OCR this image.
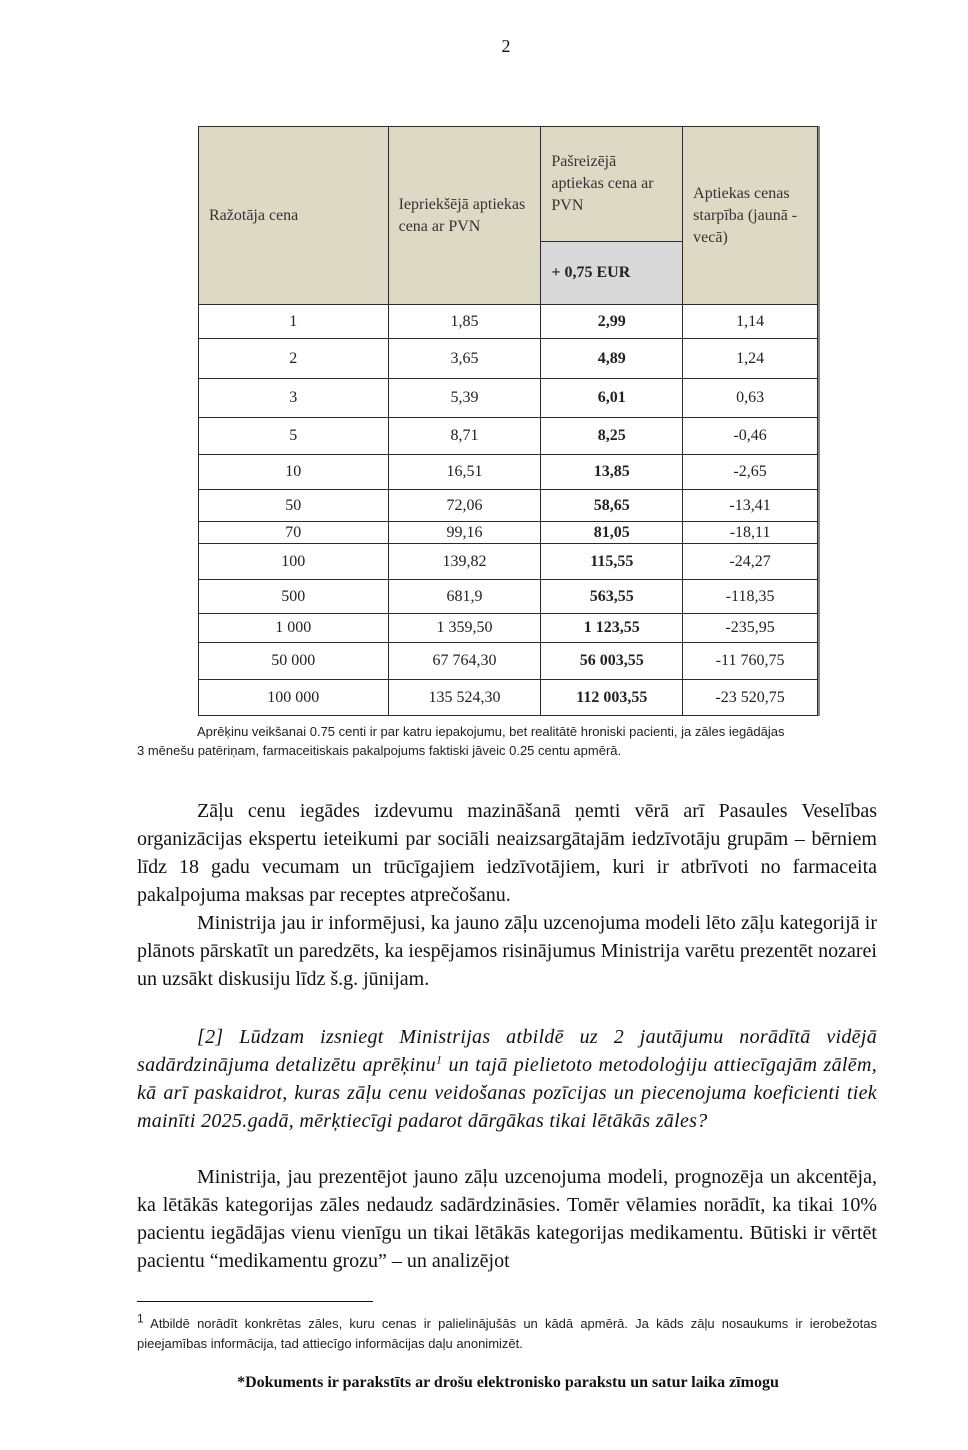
2
Ražotāja cena	Iepriekšējā aptiekas cena ar PVN	Pašreizējā aptiekas cena ar PVN	Aptiekas cenas starpība (jaunā - vecā)
		+ 0,75 EUR	
1	1,85	2,99	1,14
2	3,65	4,89	1,24
3	5,39	6,01	0,63
5	8,71	8,25	-0,46
10	16,51	13,85	-2,65
50	72,06	58,65	-13,41
70	99,16	81,05	-18,11
100	139,82	115,55	-24,27
500	681,9	563,55	-118,35
1 000	1 359,50	1 123,55	-235,95
50 000	67 764,30	56 003,55	-11 760,75
100 000	135 524,30	112 003,55	-23 520,75
Aprēķinu veikšanai 0.75 centi ir par katru iepakojumu, bet realitātē hroniski pacienti, ja zāles iegādājas
3 mēnešu patēriņam, farmaceitiskais pakalpojums faktiski jāveic 0.25 centu apmērā.

Zāļu cenu iegādes izdevumu mazināšanā ņemti vērā arī Pasaules Veselības organizācijas ekspertu ieteikumi par sociāli neaizsargātajām iedzīvotāju grupām – bērniem līdz 18 gadu vecumam un trūcīgajiem iedzīvotājiem, kuri ir atbrīvoti no farmaceita pakalpojuma maksas par receptes atprečošanu.

Ministrija jau ir informējusi, ka jauno zāļu uzcenojuma modeli lēto zāļu kategorijā ir plānots pārskatīt un paredzēts, ka iespējamos risinājumus Ministrija varētu prezentēt nozarei un uzsākt diskusiju līdz š.g. jūnijam.

[2] Lūdzam izsniegt Ministrijas atbildē uz 2 jautājumu norādītā vidējā sadārdzinājuma detalizētu aprēķinu$^1$ un tajā pielietoto metodoloģiju attiecīgajām zālēm, kā arī paskaidrot, kuras zāļu cenu veidošanas pozīcijas un piecenojuma koeficienti tiek mainīti 2025.gadā, mērķtiecīgi padarot dārgākas tikai lētākās zāles?

Ministrija, jau prezentējot jauno zāļu uzcenojuma modeli, prognozēja un akcentēja, ka lētākās kategorijas zāles nedaudz sadārdzināsies. Tomēr vēlamies norādīt, ka tikai 10% pacientu iegādājas vienu vienīgu un tikai lētākās kategorijas medikamentu. Būtiski ir vērtēt pacientu “medikamentu grozu” – un analizējot

$^1$ Atbildē norādīt konkrētas zāles, kuru cenas ir palielinājušās un kādā apmērā. Ja kāds zāļu nosaukums ir ierobežotas pieejamības informācija, tad attiecīgo informācijas daļu anonimizēt.
*Dokuments ir parakstīts ar drošu elektronisko parakstu un satur laika zīmogu
